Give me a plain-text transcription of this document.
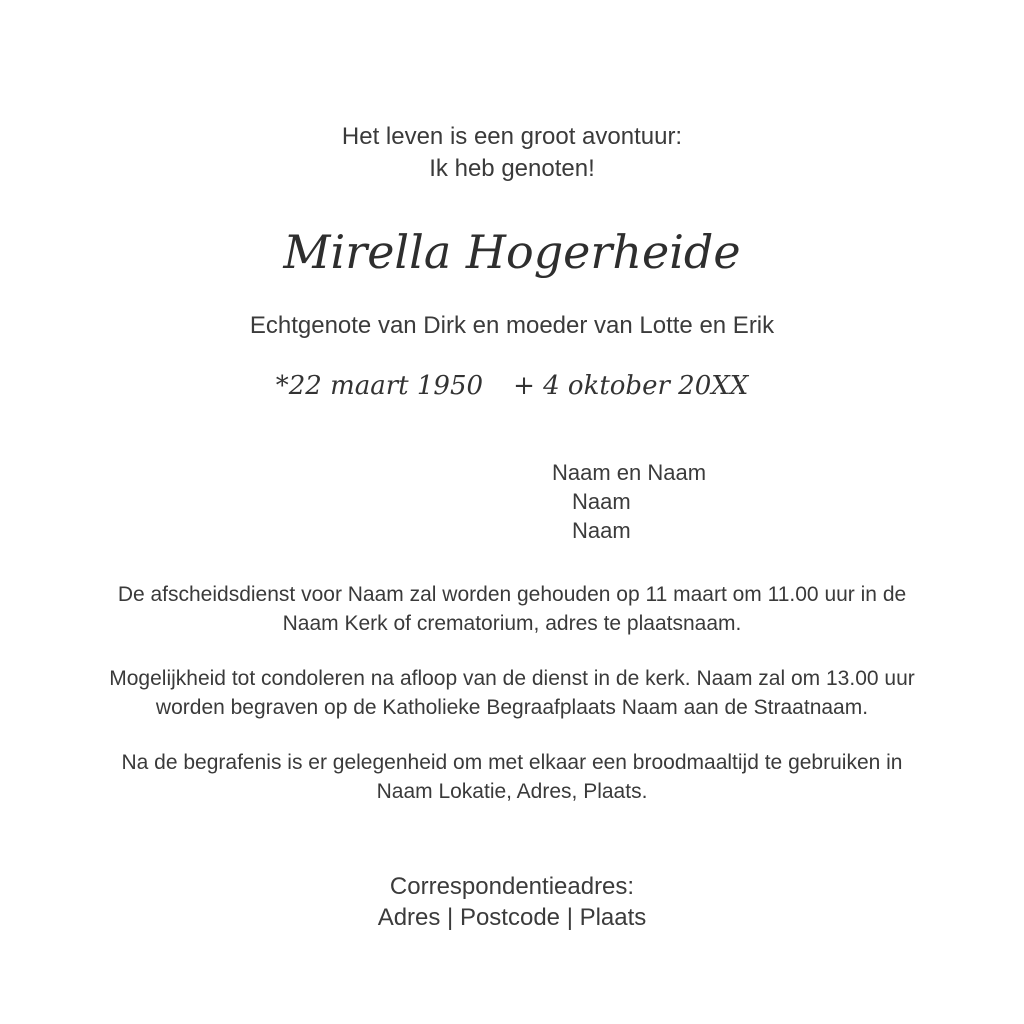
Het leven is een groot avontuur:
Ik heb genoten!
Mirella Hogerheide
Echtgenote van Dirk en moeder van Lotte en Erik
*22 maart 1950 + 4 oktober 20XX
Naam en Naam
Naam
Naam
De afscheidsdienst voor Naam zal worden gehouden op 11 maart om 11.00 uur in de
Naam Kerk of crematorium, adres te plaatsnaam.
Mogelijkheid tot condoleren na afloop van de dienst in de kerk. Naam zal om 13.00 uur
worden begraven op de Katholieke Begraafplaats Naam aan de Straatnaam.
Na de begrafenis is er gelegenheid om met elkaar een broodmaaltijd te gebruiken in
Naam Lokatie, Adres, Plaats.
Correspondentieadres:
Adres | Postcode | Plaats
